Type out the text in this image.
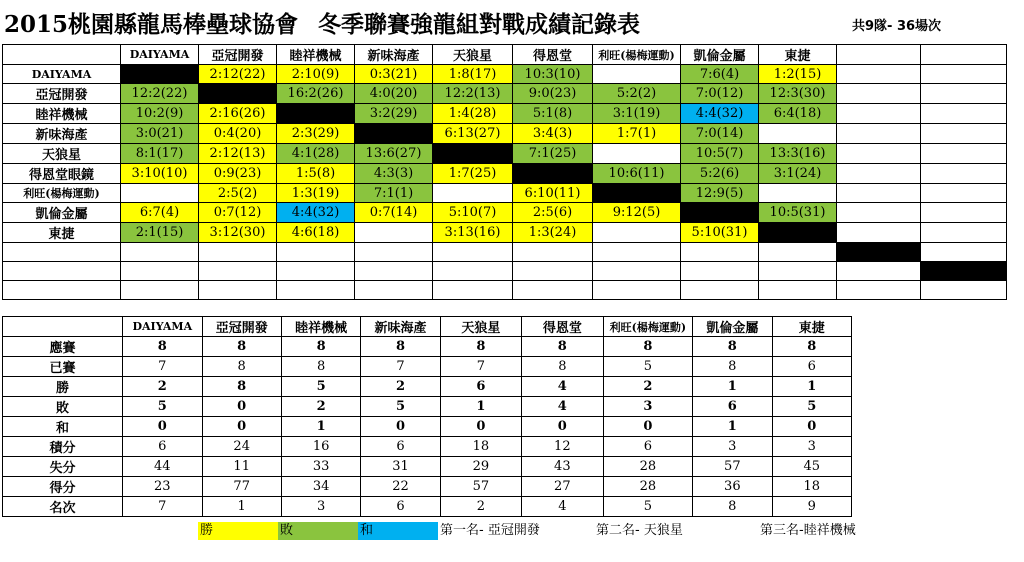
2015桃園縣龍馬棒壘球協會 冬季聯賽強龍組對戰成績記錄表	共9隊- 36場次
	DAIYAMA	亞冠開發	睦祥機械	新味海產	天狼星	得恩堂	利旺(楊梅運動)	凱倫金屬	東捷		
DAIYAMA		2:12(22)	2:10(9)	0:3(21)	1:8(17)	10:3(10)		7:6(4)	1:2(15)		
亞冠開發	12:2(22)		16:2(26)	4:0(20)	12:2(13)	9:0(23)	5:2(2)	7:0(12)	12:3(30)		
睦祥機械	10:2(9)	2:16(26)		3:2(29)	1:4(28)	5:1(8)	3:1(19)	4:4(32)	6:4(18)		
新味海產	3:0(21)	0:4(20)	2:3(29)		6:13(27)	3:4(3)	1:7(1)	7:0(14)			
天狼星	8:1(17)	2:12(13)	4:1(28)	13:6(27)		7:1(25)		10:5(7)	13:3(16)		
得恩堂眼鏡	3:10(10)	0:9(23)	1:5(8)	4:3(3)	1:7(25)		10:6(11)	5:2(6)	3:1(24)		
利旺(楊梅運動)		2:5(2)	1:3(19)	7:1(1)		6:10(11)		12:9(5)			
凱倫金屬	6:7(4)	0:7(12)	4:4(32)	0:7(14)	5:10(7)	2:5(6)	9:12(5)		10:5(31)		
東捷	2:1(15)	3:12(30)	4:6(18)		3:13(16)	1:3(24)		5:10(31)			

	DAIYAMA	亞冠開發	睦祥機械	新味海產	天狼星	得恩堂	利旺(楊梅運動)	凱倫金屬	東捷
應賽	8	8	8	8	8	8	8	8	8
已賽	7	8	8	7	7	8	5	8	6
勝	2	8	5	2	6	4	2	1	1
敗	5	0	2	5	1	4	3	6	5
和	0	0	1	0	0	0	0	1	0
積分	6	24	16	6	18	12	6	3	3
失分	44	11	33	31	29	43	28	57	45
得分	23	77	34	22	57	27	28	36	18
名次	7	1	3	6	2	4	5	8	9
勝	敗	和	第一名- 亞冠開發	第二名- 天狼星	第三名-睦祥機械
